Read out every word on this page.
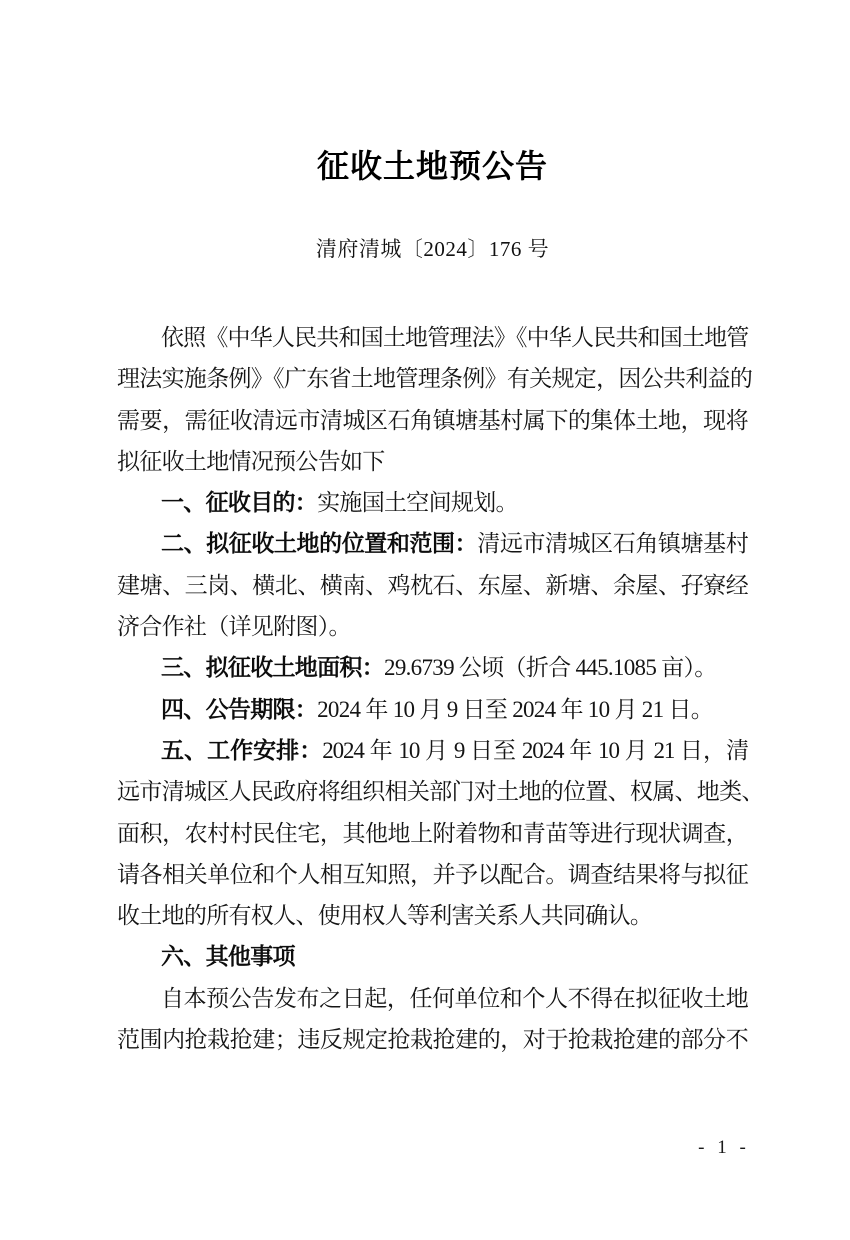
征收土地预公告
清府清城〔2024〕176 号
依照《中华人民共和国土地管理法》《中华人民共和国土地管
理法实施条例》《广东省土地管理条例》有关规定，因公共利益的
需要，需征收清远市清城区石角镇塘基村属下的集体土地，现将
拟征收土地情况预公告如下
一、征收目的：实施国土空间规划。
二、拟征收土地的位置和范围：清远市清城区石角镇塘基村
建塘、三岗、横北、横南、鸡枕石、东屋、新塘、余屋、孖寮经
济合作社（详见附图）。
三、拟征收土地面积：29.6739 公顷（折合 445.1085 亩）。
四、公告期限：2024 年 10 月 9 日至 2024 年 10 月 21 日。
五、工作安排：2024 年 10 月 9 日至 2024 年 10 月 21 日，清
远市清城区人民政府将组织相关部门对土地的位置、权属、地类、
面积，农村村民住宅，其他地上附着物和青苗等进行现状调查，
请各相关单位和个人相互知照，并予以配合。调查结果将与拟征
收土地的所有权人、使用权人等利害关系人共同确认。
六、其他事项
自本预公告发布之日起，任何单位和个人不得在拟征收土地
范围内抢栽抢建；违反规定抢栽抢建的，对于抢栽抢建的部分不
- 1 -
